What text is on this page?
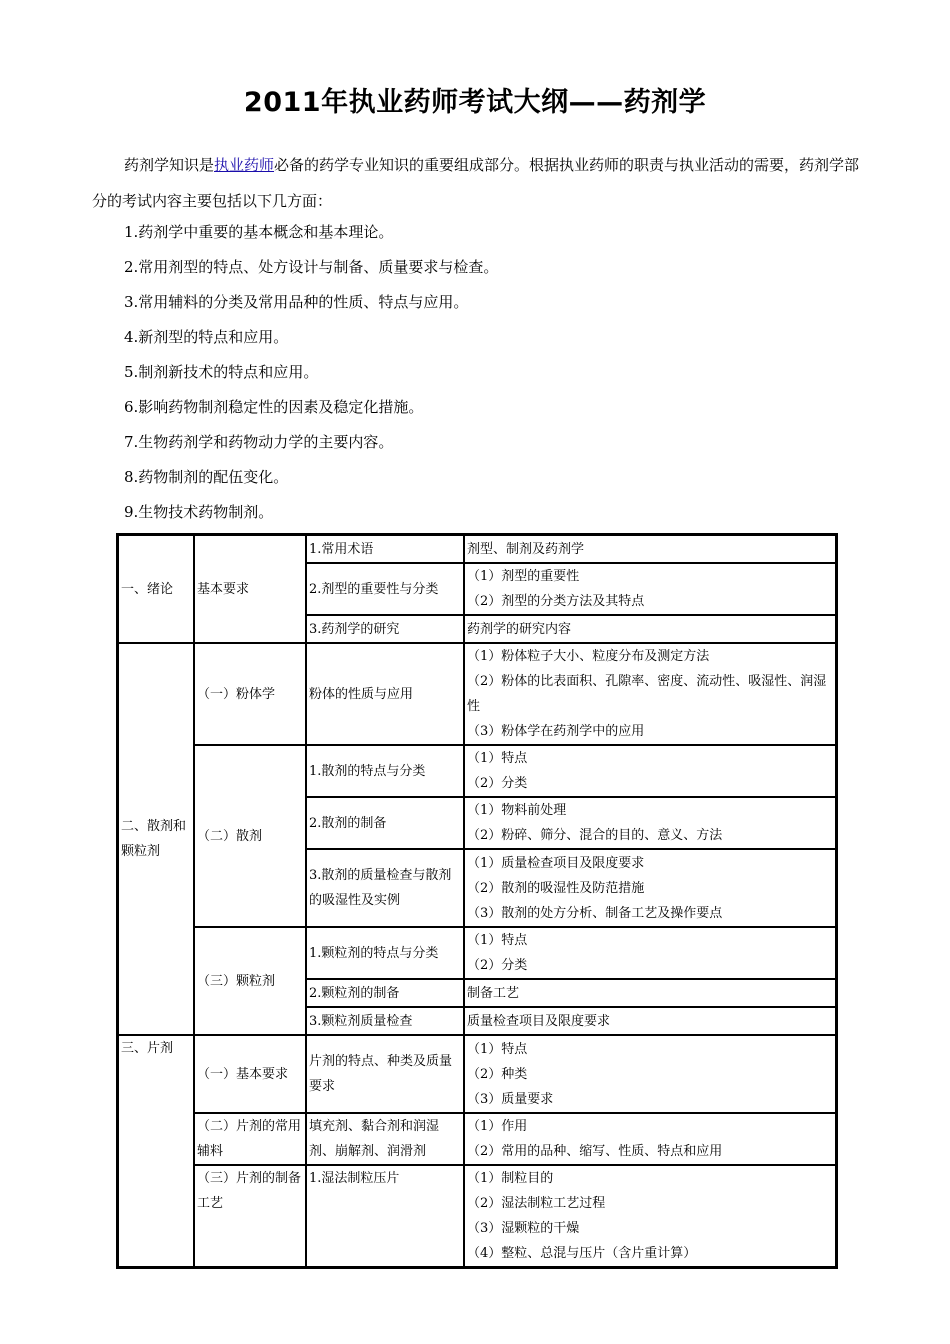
2011年执业药师考试大纲——药剂学
药剂学知识是执业药师必备的药学专业知识的重要组成部分。根据执业药师的职责与执业活动的需要，药剂学部分的考试内容主要包括以下几方面：
1.药剂学中重要的基本概念和基本理论。
2.常用剂型的特点、处方设计与制备、质量要求与检查。
3.常用辅料的分类及常用品种的性质、特点与应用。
4.新剂型的特点和应用。
5.制剂新技术的特点和应用。
6.影响药物制剂稳定性的因素及稳定化措施。
7.生物药剂学和药物动力学的主要内容。
8.药物制剂的配伍变化。
9.生物技术药物制剂。
一、绪论	基本要求	1.常用术语	剂型、制剂及药剂学

		2.剂型的重要性与分类	（1）剂型的重要性
（2）剂型的分类方法及其特点

		3.药剂学的研究	药剂学的研究内容

二、散剂和颗粒剂	（一）粉体学	粉体的性质与应用	（1）粉体粒子大小、粒度分布及测定方法
（2）粉体的比表面积、孔隙率、密度、流动性、吸湿性、润湿性
（3）粉体学在药剂学中的应用

	（二）散剂	1.散剂的特点与分类	（1）特点
（2）分类

		2.散剂的制备	（1）物料前处理
（2）粉碎、筛分、混合的目的、意义、方法

		3.散剂的质量检查与散剂的吸湿性及实例	（1）质量检查项目及限度要求
（2）散剂的吸湿性及防范措施
（3）散剂的处方分析、制备工艺及操作要点

	（三）颗粒剂	1.颗粒剂的特点与分类	（1）特点
（2）分类

		2.颗粒剂的制备	制备工艺

		3.颗粒剂质量检查	质量检查项目及限度要求

三、片剂	（一）基本要求	片剂的特点、种类及质量要求	（1）特点
（2）种类
（3）质量要求

	（二）片剂的常用辅料	填充剂、黏合剂和润湿剂、崩解剂、润滑剂	（1）作用
（2）常用的品种、缩写、性质、特点和应用

	（三）片剂的制备工艺	1.湿法制粒压片	（1）制粒目的
（2）湿法制粒工艺过程
（3）湿颗粒的干燥
（4）整粒、总混与压片（含片重计算）
